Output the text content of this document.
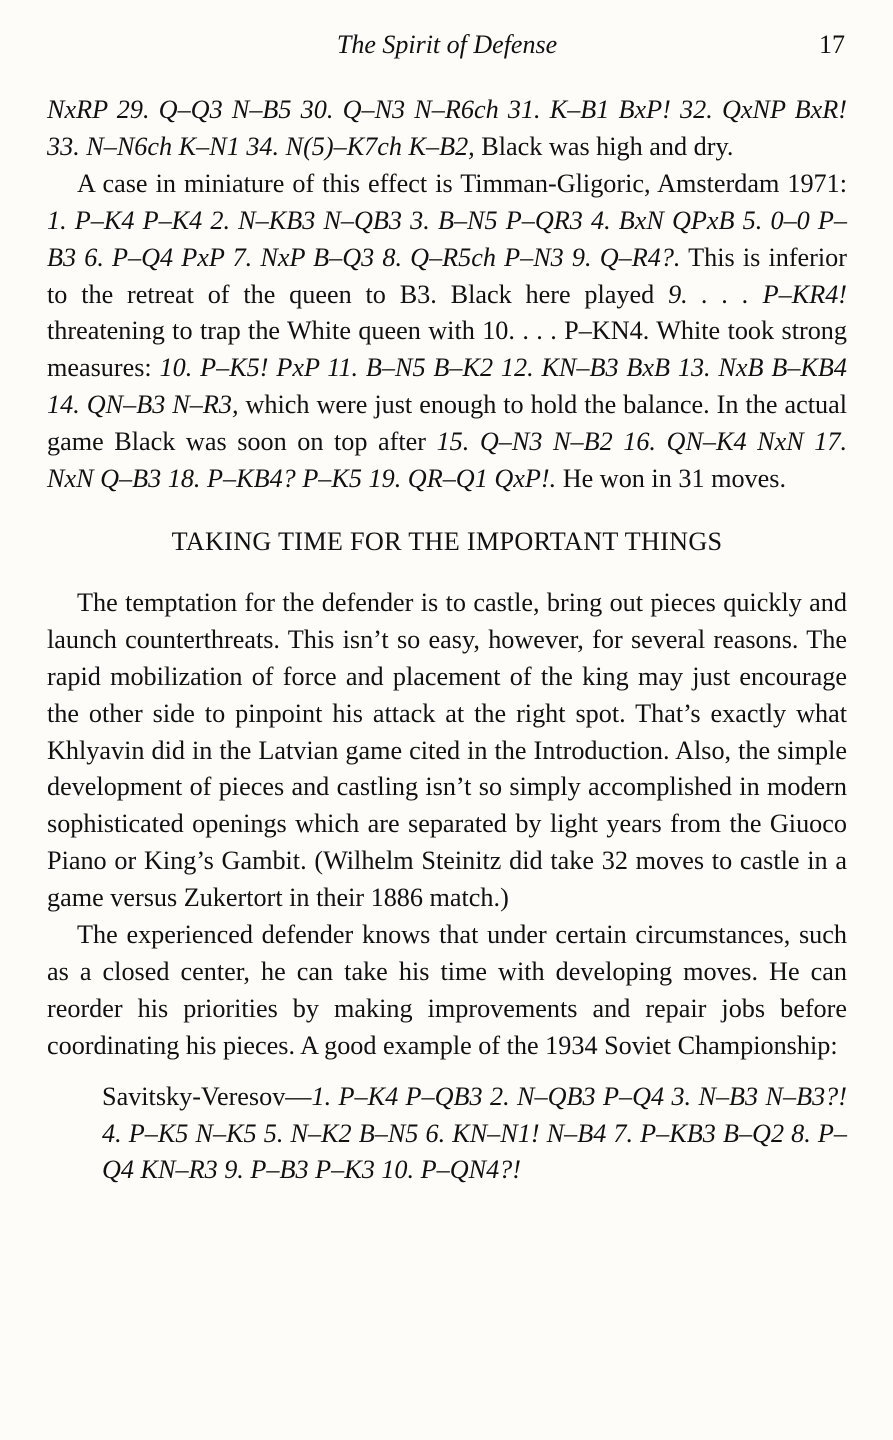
The Spirit of Defense	17

NxRP 29. Q–Q3 N–B5 30. Q–N3 N–R6ch 31. K–B1 BxP! 32. QxNP BxR! 33. N–N6ch K–N1 34. N(5)–K7ch K–B2, Black was high and dry.

A case in miniature of this effect is Timman-Gligoric, Amsterdam 1971: 1. P–K4 P–K4 2. N–KB3 N–QB3 3. B–N5 P–QR3 4. BxN QPxB 5. 0–0 P–B3 6. P–Q4 PxP 7. NxP B–Q3 8. Q–R5ch P–N3 9. Q–R4?. This is inferior to the retreat of the queen to B3. Black here played 9. . . . P–KR4! threatening to trap the White queen with 10. . . . P–KN4. White took strong measures: 10. P–K5! PxP 11. B–N5 B–K2 12. KN–B3 BxB 13. NxB B–KB4 14. QN–B3 N–R3, which were just enough to hold the balance. In the actual game Black was soon on top after 15. Q–N3 N–B2 16. QN–K4 NxN 17. NxN Q–B3 18. P–KB4? P–K5 19. QR–Q1 QxP!. He won in 31 moves.

TAKING TIME FOR THE IMPORTANT THINGS

The temptation for the defender is to castle, bring out pieces quickly and launch counterthreats. This isn’t so easy, however, for several reasons. The rapid mobilization of force and placement of the king may just encourage the other side to pinpoint his attack at the right spot. That’s exactly what Khlyavin did in the Latvian game cited in the Introduction. Also, the simple development of pieces and castling isn’t so simply accomplished in modern sophisticated openings which are separated by light years from the Giuoco Piano or King’s Gambit. (Wilhelm Steinitz did take 32 moves to castle in a game versus Zukertort in their 1886 match.)

The experienced defender knows that under certain circumstances, such as a closed center, he can take his time with developing moves. He can reorder his priorities by making improvements and repair jobs before coordinating his pieces. A good example of the 1934 Soviet Championship:

Savitsky-Veresov—1. P–K4 P–QB3 2. N–QB3 P–Q4 3. N–B3 N–B3?! 4. P–K5 N–K5 5. N–K2 B–N5 6. KN–N1! N–B4 7. P–KB3 B–Q2 8. P–Q4 KN–R3 9. P–B3 P–K3 10. P–QN4?!
